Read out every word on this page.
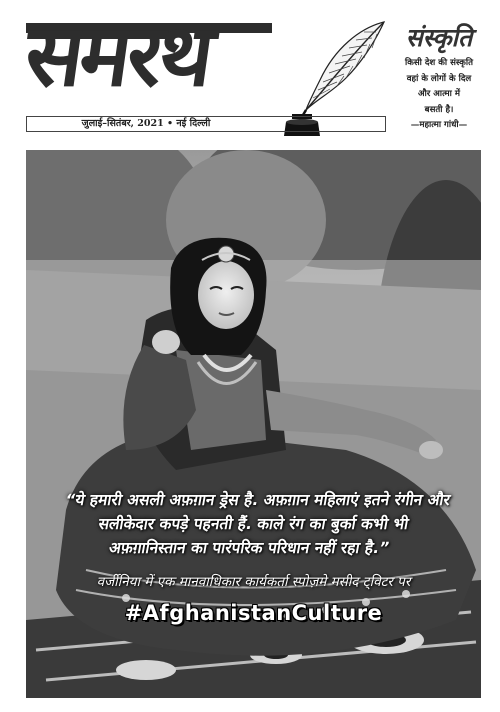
समरथ	संस्कृति
किसी देश की संस्कृति
वहां के लोगों के दिल
और आत्मा में
बसती है।
—महात्मा गांधी—
जुलाई–सितंबर, 2021 • नई दिल्ली
“ये हमारी असली अफ़ग़ान ड्रेस है. अफ़ग़ान महिलाएं इतने रंगीन और
सलीकेदार कपड़े पहनती हैं. काले रंग का बुर्का कभी भी
अफ़ग़ानिस्तान का पारंपरिक परिधान नहीं रहा है.”
वर्जीनिया में एक मानवाधिकार कार्यकर्ता स्पोज़मे मसीद ट्विटर पर
#AfghanistanCulture
